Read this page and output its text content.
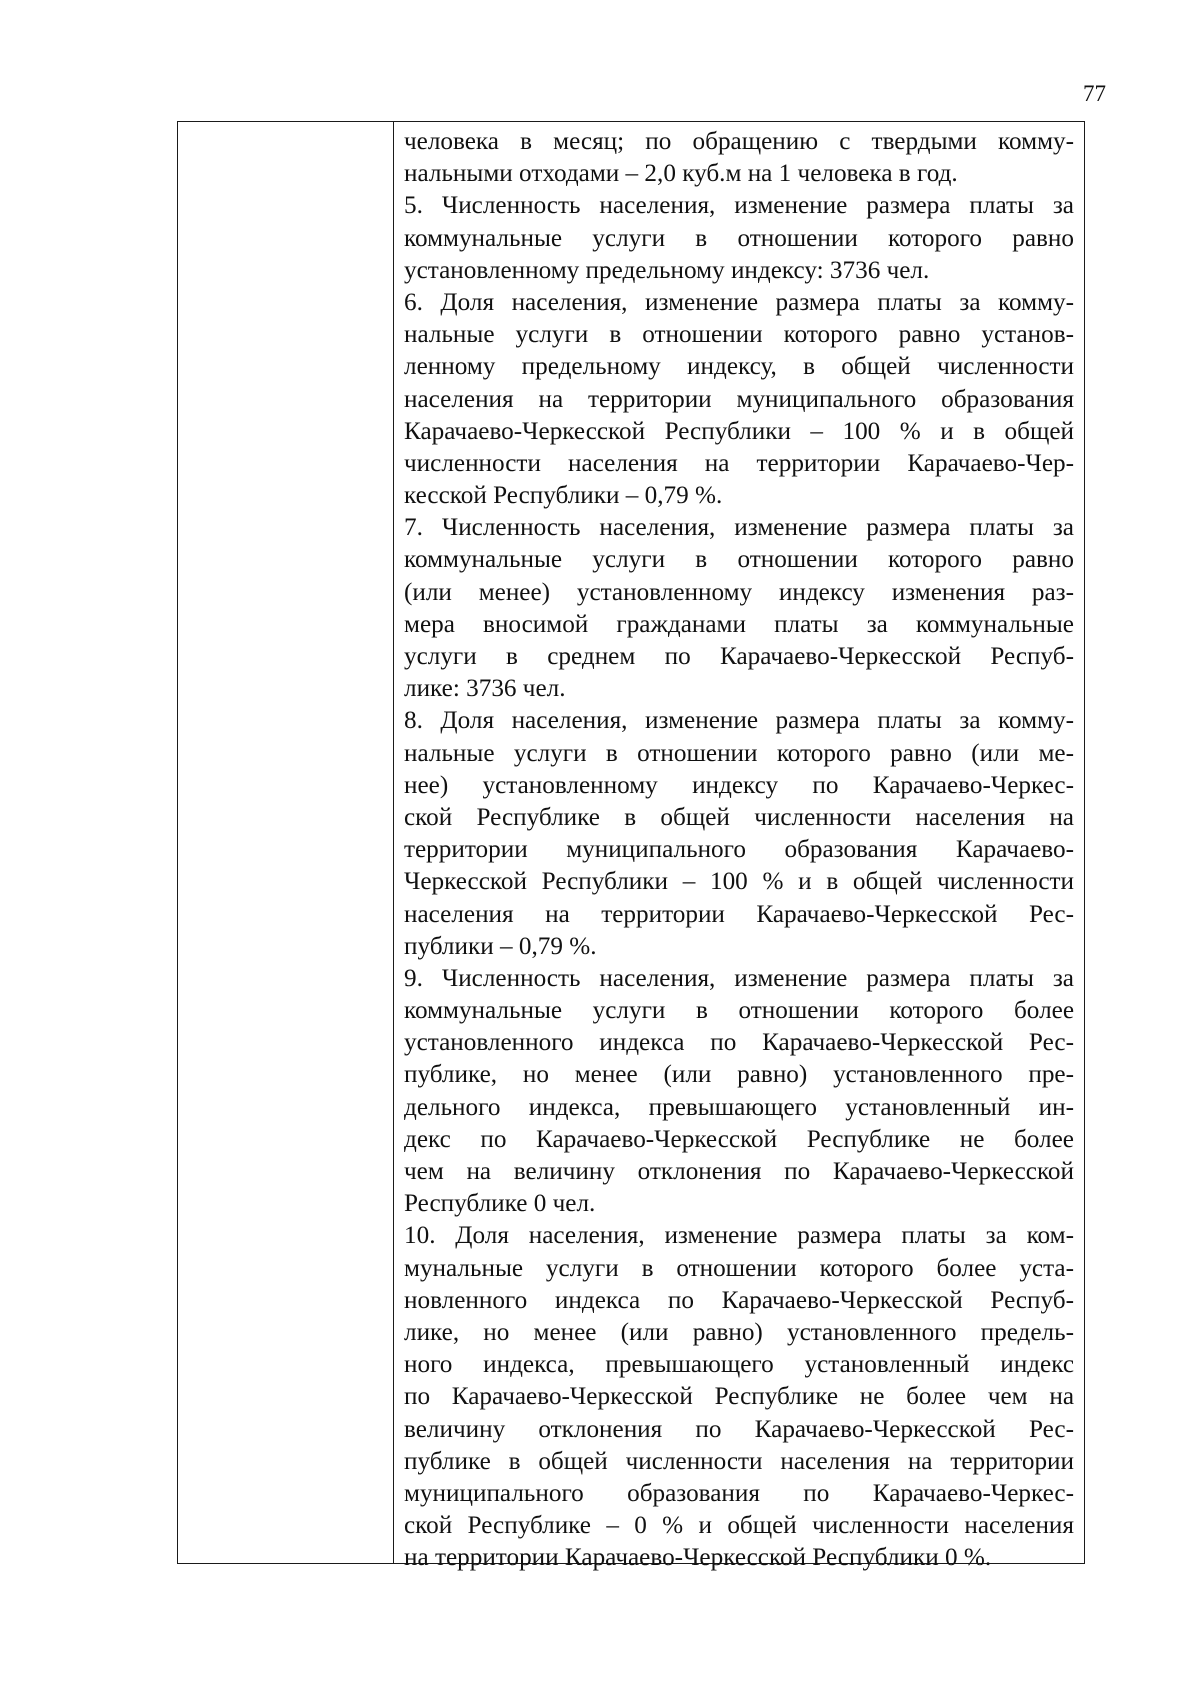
77
человека в месяц; по обращению с твердыми комму-
нальными отходами – 2,0 куб.м на 1 человека в год.
5. Численность населения, изменение размера платы за
коммунальные услуги в отношении которого равно
установленному предельному индексу: 3736 чел.
6. Доля населения, изменение размера платы за комму-
нальные услуги в отношении которого равно установ-
ленному предельному индексу, в общей численности
населения на территории муниципального образования
Карачаево-Черкесской Республики – 100 % и в общей
численности населения на территории Карачаево-Чер-
кесской Республики – 0,79 %.
7. Численность населения, изменение размера платы за
коммунальные услуги в отношении которого равно
(или менее) установленному индексу изменения раз-
мера вносимой гражданами платы за коммунальные
услуги в среднем по Карачаево-Черкесской Респуб-
лике: 3736 чел.
8. Доля населения, изменение размера платы за комму-
нальные услуги в отношении которого равно (или ме-
нее) установленному индексу по Карачаево-Черкес-
ской Республике в общей численности населения на
территории муниципального образования Карачаево-
Черкесской Республики – 100 % и в общей численности
населения на территории Карачаево-Черкесской Рес-
публики – 0,79 %.
9. Численность населения, изменение размера платы за
коммунальные услуги в отношении которого более
установленного индекса по Карачаево-Черкесской Рес-
публике, но менее (или равно) установленного пре-
дельного индекса, превышающего установленный ин-
декс по Карачаево-Черкесской Республике не более
чем на величину отклонения по Карачаево-Черкесской
Республике 0 чел.
10. Доля населения, изменение размера платы за ком-
мунальные услуги в отношении которого более уста-
новленного индекса по Карачаево-Черкесской Респуб-
лике, но менее (или равно) установленного предель-
ного индекса, превышающего установленный индекс
по Карачаево-Черкесской Республике не более чем на
величину отклонения по Карачаево-Черкесской Рес-
публике в общей численности населения на территории
муниципального образования по Карачаево-Черкес-
ской Республике – 0 % и общей численности населения
на территории Карачаево-Черкесской Республики 0 %.
